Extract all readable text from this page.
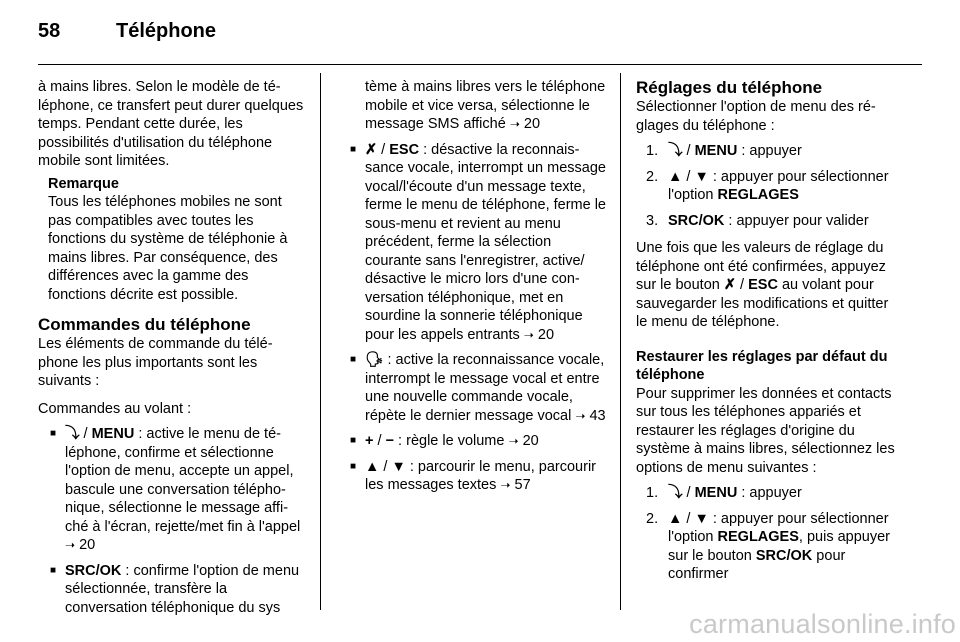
58	Téléphone

à mains libres. Selon le modèle de téléphone, ce transfert peut durer quelques temps. Pendant cette durée, les possibilités d'utilisation du téléphone mobile sont limitées.

Remarque

Tous les téléphones mobiles ne sont pas compatibles avec toutes les fonctions du système de téléphonie à mains libres. Par conséquence, des différences avec la gamme des fonctions décrite est possible.

Commandes du téléphone

Les éléments de commande du téléphone les plus importants sont les suivants :

Commandes au volant :

■ ⤵ / MENU : active le menu de téléphone, confirme et sélectionne l'option de menu, accepte un appel, bascule une conversation téléphonique, sélectionne le message affiché à l'écran, rejette/met fin à l'appel ➝ 20
■ SRC/OK : confirme l'option de menu sélectionnée, transfère la conversation téléphonique du sys

tème à mains libres vers le téléphone mobile et vice versa, sélectionne le message SMS affiché ➝ 20

■ ✗ / ESC : désactive la reconnaissance vocale, interrompt un message vocal/l'écoute d'un message texte, ferme le menu de téléphone, ferme le sous-menu et revient au menu précédent, ferme la sélection courante sans l'enregistrer, active/ désactive le micro lors d'une conversation téléphonique, met en sourdine la sonnerie téléphonique pour les appels entrants ➝ 20
■ 🗣 : active la reconnaissance vocale, interrompt le message vocal et entre une nouvelle commande vocale, répète le dernier message vocal ➝ 43
■ + / − : règle le volume ➝ 20
■ ▲ / ▼ : parcourir le menu, parcourir les messages textes ➝ 57

Réglages du téléphone

Sélectionner l'option de menu des réglages du téléphone :

1. ⤵ / MENU : appuyer
2. ▲ / ▼ : appuyer pour sélectionner l'option REGLAGES
3. SRC/OK : appuyer pour valider

Une fois que les valeurs de réglage du téléphone ont été confirmées, appuyez sur le bouton ✗ / ESC au volant pour sauvegarder les modifications et quitter le menu de téléphone.

Restaurer les réglages par défaut du téléphone

Pour supprimer les données et contacts sur tous les téléphones appariés et restaurer les réglages d'origine du système à mains libres, sélectionnez les options de menu suivantes :

1. ⤵ / MENU : appuyer
2. ▲ / ▼ : appuyer pour sélectionner l'option REGLAGES, puis appuyer sur le bouton SRC/OK pour confirmer
carmanualsonline.info
